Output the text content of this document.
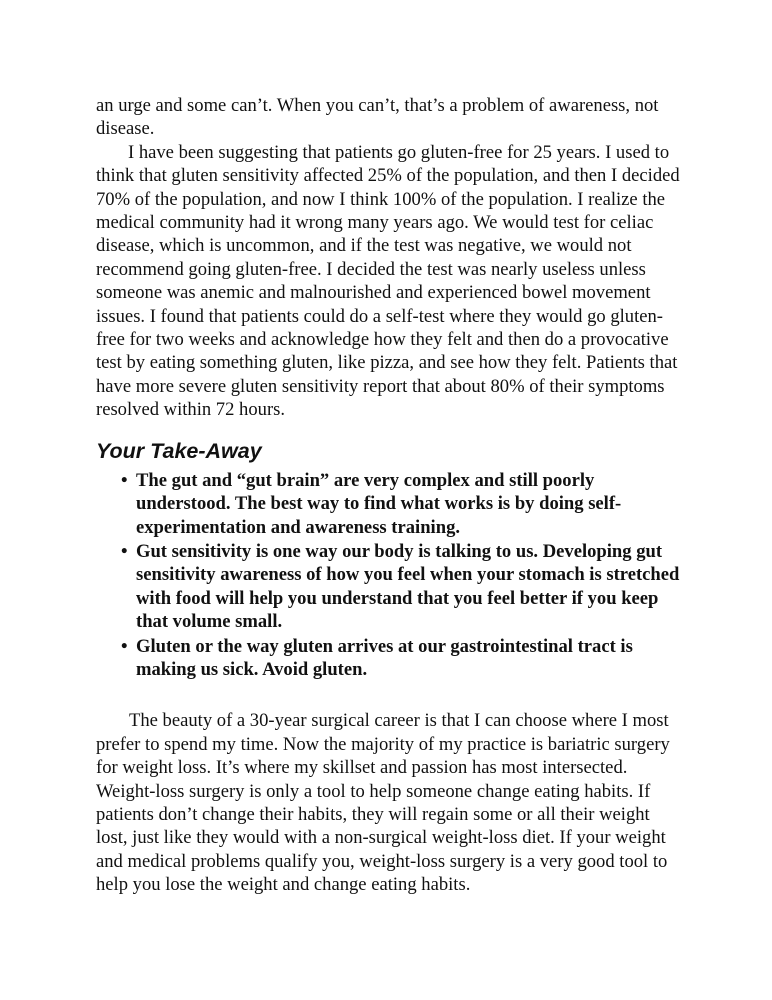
an urge and some can’t. When you can’t, that’s a problem of awareness, not disease.

I have been suggesting that patients go gluten-free for 25 years. I used to think that gluten sensitivity affected 25% of the population, and then I decided 70% of the population, and now I think 100% of the population. I realize the medical community had it wrong many years ago. We would test for celiac disease, which is uncommon, and if the test was negative, we would not recommend going gluten-free. I decided the test was nearly useless unless someone was anemic and malnourished and experienced bowel movement issues. I found that patients could do a self-test where they would go gluten-free for two weeks and acknowledge how they felt and then do a provocative test by eating something gluten, like pizza, and see how they felt. Patients that have more severe gluten sensitivity report that about 80% of their symptoms resolved within 72 hours.

Your Take-Away
• The gut and “gut brain” are very complex and still poorly understood. The best way to find what works is by doing self-experimentation and awareness training.
• Gut sensitivity is one way our body is talking to us. Developing gut sensitivity awareness of how you feel when your stomach is stretched with food will help you understand that you feel better if you keep that volume small.
• Gluten or the way gluten arrives at our gastrointestinal tract is making us sick. Avoid gluten.

The beauty of a 30-year surgical career is that I can choose where I most prefer to spend my time. Now the majority of my practice is bariatric surgery for weight loss. It’s where my skillset and passion has most intersected. Weight-loss surgery is only a tool to help someone change eating habits. If patients don’t change their habits, they will regain some or all their weight lost, just like they would with a non-surgical weight-loss diet. If your weight and medical problems qualify you, weight-loss surgery is a very good tool to help you lose the weight and change eating habits.
